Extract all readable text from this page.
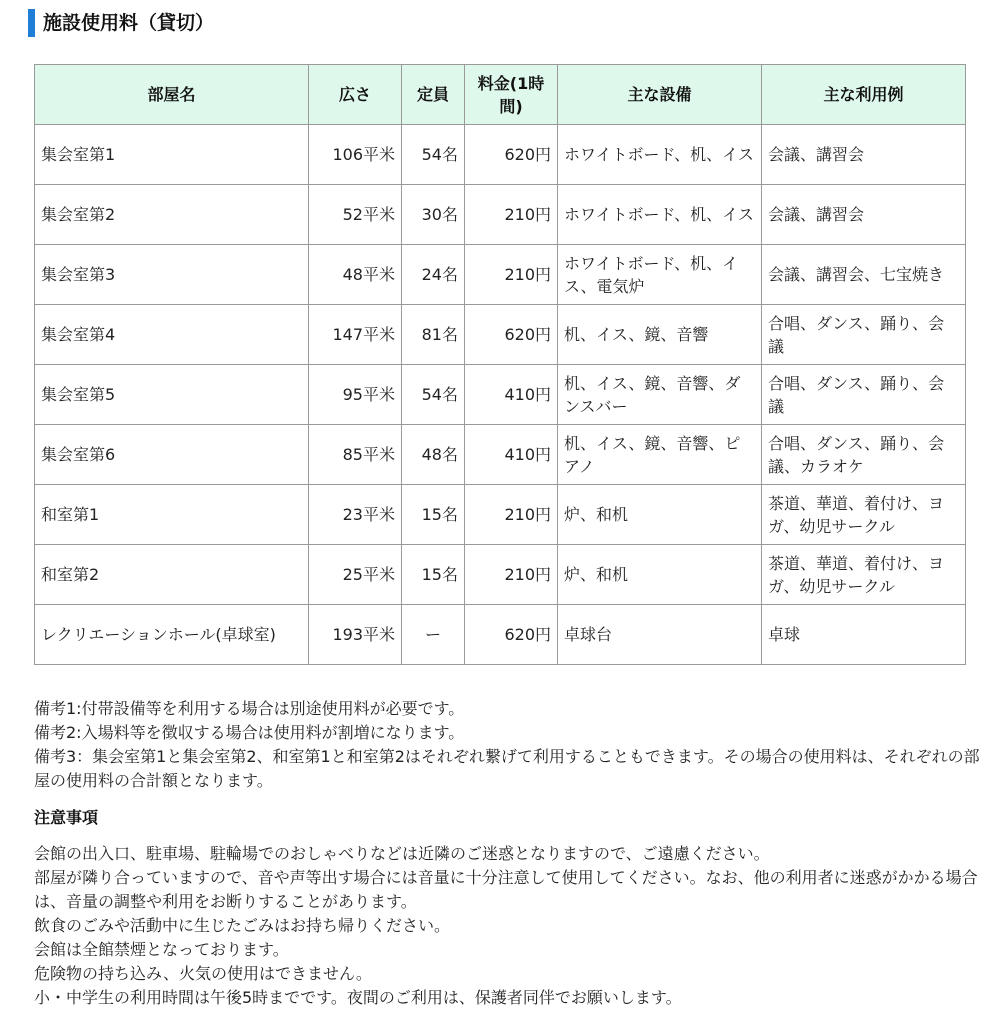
施設使用料（貸切）
部屋名	広さ	定員	料金(1時間)	主な設備	主な利用例
集会室第1	106平米	54名	620円	ホワイトボード、机、イス	会議、講習会
集会室第2	52平米	30名	210円	ホワイトボード、机、イス	会議、講習会
集会室第3	48平米	24名	210円	ホワイトボード、机、イス、電気炉	会議、講習会、七宝焼き
集会室第4	147平米	81名	620円	机、イス、鏡、音響	合唱、ダンス、踊り、会議
集会室第5	95平米	54名	410円	机、イス、鏡、音響、ダンスバー	合唱、ダンス、踊り、会議
集会室第6	85平米	48名	410円	机、イス、鏡、音響、ピアノ	合唱、ダンス、踊り、会議、カラオケ
和室第1	23平米	15名	210円	炉、和机	茶道、華道、着付け、ヨガ、幼児サークル
和室第2	25平米	15名	210円	炉、和机	茶道、華道、着付け、ヨガ、幼児サークル
レクリエーションホール(卓球室)	193平米	ー	620円	卓球台	卓球

備考1:付帯設備等を利用する場合は別途使用料が必要です。

備考2:入場料等を徴収する場合は使用料が割増になります。

備考3：集会室第1と集会室第2、和室第1と和室第2はそれぞれ繋げて利用することもできます。その場合の使用料は、それぞれの部屋の使用料の合計額となります。

注意事項

会館の出入口、駐車場、駐輪場でのおしゃべりなどは近隣のご迷惑となりますので、ご遠慮ください。

部屋が隣り合っていますので、音や声等出す場合には音量に十分注意して使用してください。なお、他の利用者に迷惑がかかる場合は、音量の調整や利用をお断りすることがあります。

飲食のごみや活動中に生じたごみはお持ち帰りください。

会館は全館禁煙となっております。

危険物の持ち込み、火気の使用はできません。

小・中学生の利用時間は午後5時までです。夜間のご利用は、保護者同伴でお願いします。
